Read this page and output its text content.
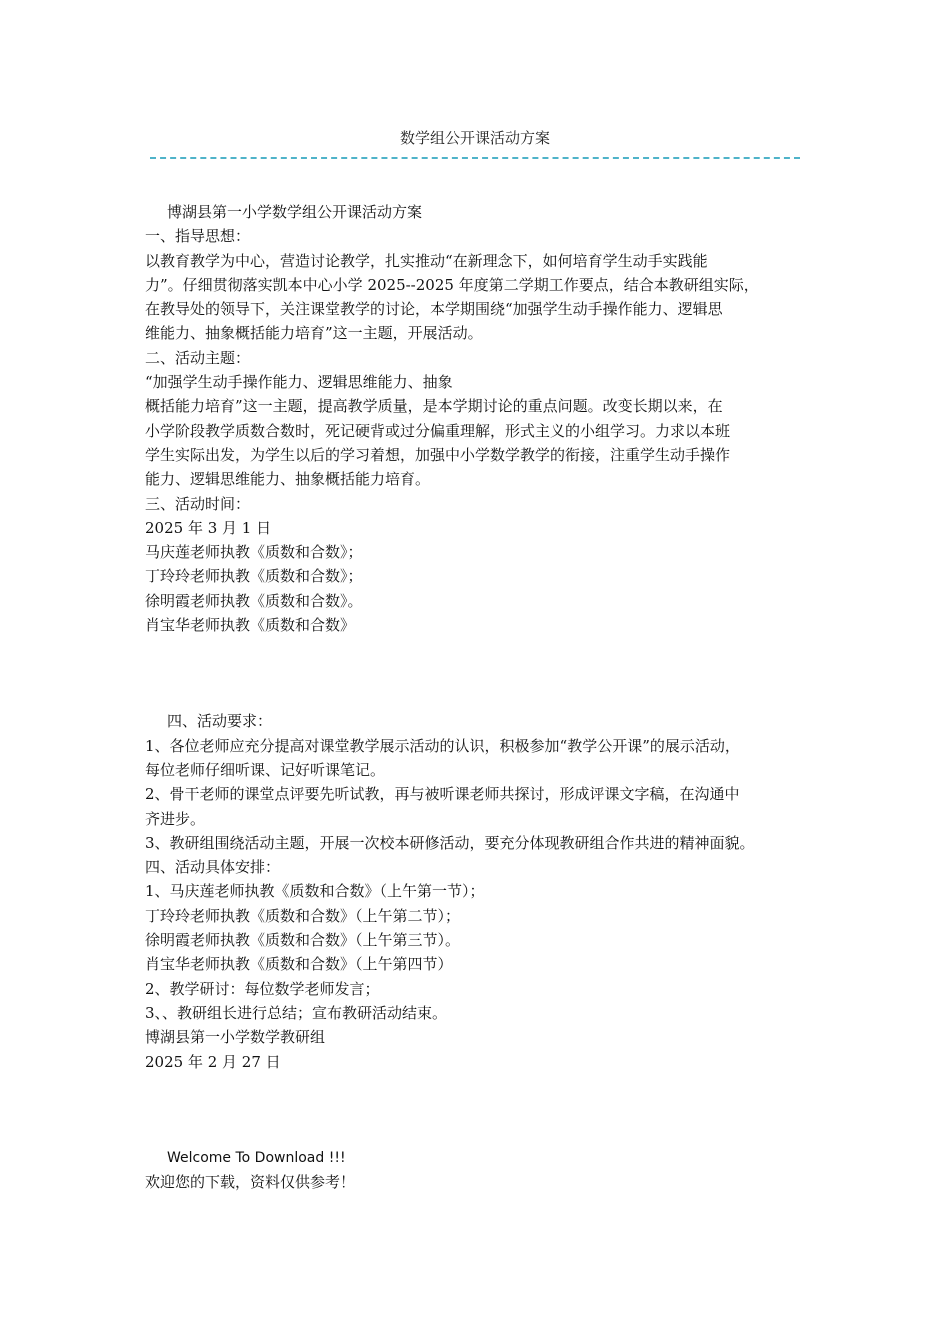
数学组公开课活动方案

博湖县第一小学数学组公开课活动方案

一、指导思想：

以教育教学为中心，营造讨论教学，扎实推动“在新理念下，如何培育学生动手实践能

力”。仔细贯彻落实凯本中心小学 2025--2025 年度第二学期工作要点，结合本教研组实际，

在教导处的领导下，关注课堂教学的讨论，本学期围绕“加强学生动手操作能力、逻辑思

维能力、抽象概括能力培育”这一主题，开展活动。

二、活动主题：

“加强学生动手操作能力、逻辑思维能力、抽象

概括能力培育”这一主题，提高教学质量，是本学期讨论的重点问题。改变长期以来，在

小学阶段教学质数合数时，死记硬背或过分偏重理解，形式主义的小组学习。力求以本班

学生实际出发，为学生以后的学习着想，加强中小学数学教学的衔接，注重学生动手操作

能力、逻辑思维能力、抽象概括能力培育。

三、活动时间：

2025 年 3 月 1 日

马庆莲老师执教《质数和合数》；

丁玲玲老师执教《质数和合数》；

徐明霞老师执教《质数和合数》。

肖宝华老师执教《质数和合数》

四、活动要求：

1、各位老师应充分提高对课堂教学展示活动的认识，积极参加“教学公开课”的展示活动，

每位老师仔细听课、记好听课笔记。

2、骨干老师的课堂点评要先听试教，再与被听课老师共探讨，形成评课文字稿，在沟通中

齐进步。

3、教研组围绕活动主题，开展一次校本研修活动，要充分体现教研组合作共进的精神面貌。

四、活动具体安排：

1、马庆莲老师执教《质数和合数》（上午第一节）；

丁玲玲老师执教《质数和合数》（上午第二节）；

徐明霞老师执教《质数和合数》（上午第三节）。

肖宝华老师执教《质数和合数》（上午第四节）

2、教学研讨：每位数学老师发言；

3、、教研组长进行总结；宣布教研活动结束。

博湖县第一小学数学教研组

2025 年 2 月 27 日

Welcome To Download !!!

欢迎您的下载，资料仅供参考！
